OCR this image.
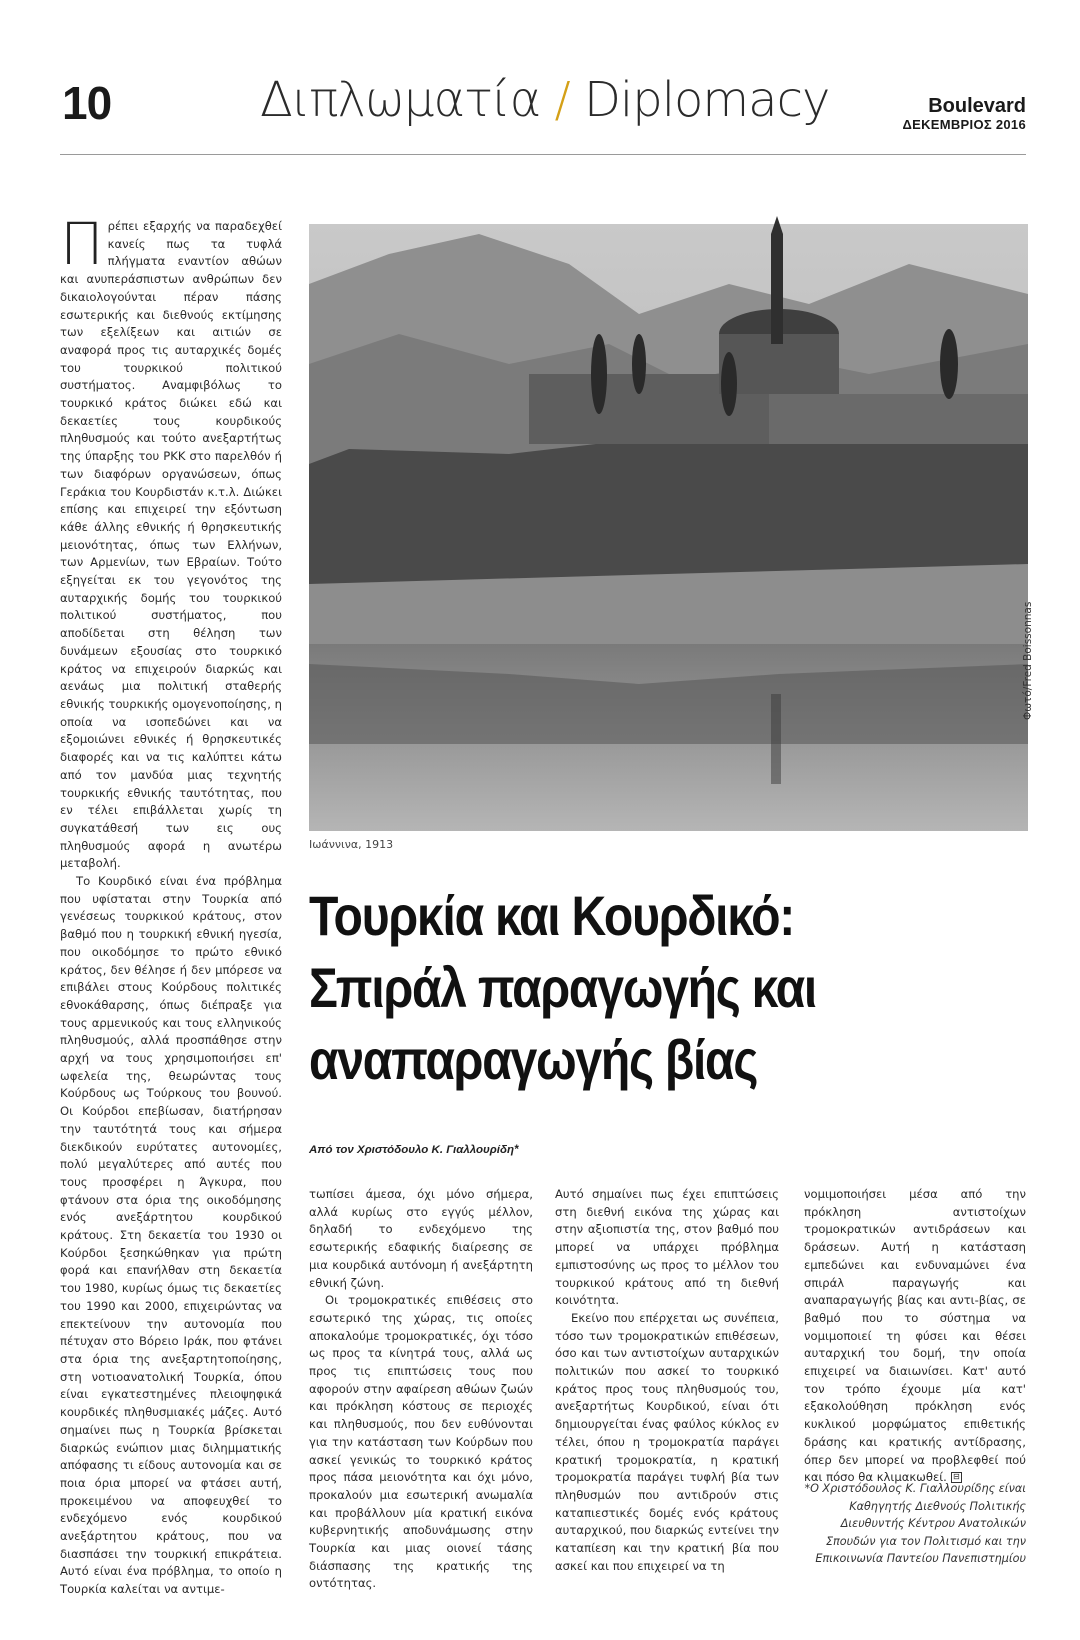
10	Διπλωματία / Diplomacy	Boulevard
ΔΕΚΕΜΒΡΙΟΣ 2016

Πρέπει εξαρχής να παραδεχθεί κανείς πως τα τυφλά πλήγματα εναντίον αθώων και ανυπεράσπιστων ανθρώπων δεν δικαιολογούνται πέραν πάσης εσωτερικής και διεθνούς εκτίμησης των εξελίξεων και αιτιών σε αναφορά προς τις αυταρχικές δομές του τουρκικού πολιτικού συστήματος. Αναμφιβόλως το τουρκικό κράτος διώκει εδώ και δεκαετίες τους κουρδικούς πληθυσμούς και τούτο ανεξαρτήτως της ύπαρξης του ΡΚΚ στο παρελθόν ή των διαφόρων οργανώσεων, όπως Γεράκια του Κουρδιστάν κ.τ.λ. Διώκει επίσης και επιχειρεί την εξόντωση κάθε άλλης εθνικής ή θρησκευτικής μειονότητας, όπως των Ελλήνων, των Αρμενίων, των Εβραίων. Τούτο εξηγείται εκ του γεγονότος της αυταρχικής δομής του τουρκικού πολιτικού συστήματος, που αποδίδεται στη θέληση των δυνάμεων εξουσίας στο τουρκικό κράτος να επιχειρούν διαρκώς και αενάως μια πολιτική σταθερής εθνικής τουρκικής ομογενοποίησης, η οποία να ισοπεδώνει και να εξομοιώνει εθνικές ή θρησκευτικές διαφορές και να τις καλύπτει κάτω από τον μανδύα μιας τεχνητής τουρκικής εθνικής ταυτότητας, που εν τέλει επιβάλλεται χωρίς τη συγκατάθεσή των εις ους πληθυσμούς αφορά η ανωτέρω μεταβολή.

Το Κουρδικό είναι ένα πρόβλημα που υφίσταται στην Τουρκία από γενέσεως τουρκικού κράτους, στον βαθμό που η τουρκική εθνική ηγεσία, που οικοδόμησε το πρώτο εθνικό κράτος, δεν θέλησε ή δεν μπόρεσε να επιβάλει στους Κούρδους πολιτικές εθνοκάθαρσης, όπως διέπραξε για τους αρμενικούς και τους ελληνικούς πληθυσμούς, αλλά προσπάθησε στην αρχή να τους χρησιμοποιήσει επ' ωφελεία της, θεωρώντας τους Κούρδους ως Τούρκους του βουνού. Οι Κούρδοι επεβίωσαν, διατήρησαν την ταυτότητά τους και σήμερα διεκδικούν ευρύτατες αυτονομίες, πολύ μεγαλύτερες από αυτές που τους προσφέρει η Άγκυρα, που φτάνουν στα όρια της οικοδόμησης ενός ανεξάρτητου κουρδικού κράτους. Στη δεκαετία του 1930 οι Κούρδοι ξεσηκώθηκαν για πρώτη φορά και επανήλθαν στη δεκαετία του 1980, κυρίως όμως τις δεκαετίες του 1990 και 2000, επιχειρώντας να επεκτείνουν την αυτονομία που πέτυχαν στο Βόρειο Ιράκ, που φτάνει στα όρια της ανεξαρτητοποίησης, στη νοτιοανατολική Τουρκία, όπου είναι εγκατεστημένες πλειοψηφικά κουρδικές πληθυσμιακές μάζες. Αυτό σημαίνει πως η Τουρκία βρίσκεται διαρκώς ενώπιον μιας διλημματικής απόφασης τι είδους αυτονομία και σε ποια όρια μπορεί να φτάσει αυτή, προκειμένου να αποφευχθεί το ενδεχόμενο ενός κουρδικού ανεξάρτητου κράτους, που να διασπάσει την τουρκική επικράτεια. Αυτό είναι ένα πρόβλημα, το οποίο η Τουρκία καλείται να αντιμε-

Φωτό/Fred Boissonnas
Ιωάννινα, 1913
Τουρκία και Κουρδικό:
Σπιράλ παραγωγής και
αναπαραγωγής βίας
Από τον Χριστόδουλο Κ. Γιαλλουρίδη*

τωπίσει άμεσα, όχι μόνο σήμερα, αλλά κυρίως στο εγγύς μέλλον, δηλαδή το ενδεχόμενο της εσωτερικής εδαφικής διαίρεσης σε μια κουρδικά αυτόνομη ή ανεξάρτητη εθνική ζώνη.

Οι τρομοκρατικές επιθέσεις στο εσωτερικό της χώρας, τις οποίες αποκαλούμε τρομοκρατικές, όχι τόσο ως προς τα κίνητρά τους, αλλά ως προς τις επιπτώσεις τους που αφορούν στην αφαίρεση αθώων ζωών και πρόκληση κόστους σε περιοχές και πληθυσμούς, που δεν ευθύνονται για την κατάσταση των Κούρδων που ασκεί γενικώς το τουρκικό κράτος προς πάσα μειονότητα και όχι μόνο, προκαλούν μια εσωτερική ανωμαλία και προβάλλουν μία κρατική εικόνα κυβερνητικής αποδυνάμωσης στην Τουρκία και μιας οιονεί τάσης διάσπασης της κρατικής της οντότητας.

Αυτό σημαίνει πως έχει επιπτώσεις στη διεθνή εικόνα της χώρας και στην αξιοπιστία της, στον βαθμό που μπορεί να υπάρχει πρόβλημα εμπιστοσύνης ως προς το μέλλον του τουρκικού κράτους από τη διεθνή κοινότητα.

Εκείνο που επέρχεται ως συνέπεια, τόσο των τρομοκρατικών επιθέσεων, όσο και των αντιστοίχων αυταρχικών πολιτικών που ασκεί το τουρκικό κράτος προς τους πληθυσμούς του, ανεξαρτήτως Κουρδικού, είναι ότι δημιουργείται ένας φαύλος κύκλος εν τέλει, όπου η τρομοκρατία παράγει κρατική τρομοκρατία, η κρατική τρομοκρατία παράγει τυφλή βία των πληθυσμών που αντιδρούν στις καταπιεστικές δομές ενός κράτους αυταρχικού, που διαρκώς εντείνει την καταπίεση και την κρατική βία που ασκεί και που επιχειρεί να τη

νομιμοποιήσει μέσα από την πρόκληση αντιστοίχων τρομοκρατικών αντιδράσεων και δράσεων. Αυτή η κατάσταση εμπεδώνει και ενδυναμώνει ένα σπιράλ παραγωγής και αναπαραγωγής βίας και αντι-βίας, σε βαθμό που το σύστημα να νομιμοποιεί τη φύσει και θέσει αυταρχική του δομή, την οποία επιχειρεί να διαιωνίσει. Κατ' αυτό τον τρόπο έχουμε μία κατ' εξακολούθηση πρόκληση ενός κυκλικού μορφώματος επιθετικής δράσης και κρατικής αντίδρασης, όπερ δεν μπορεί να προβλεφθεί πού και πόσο θα κλιμακωθεί. ⊟

*Ο Χριστόδουλος Κ. Γιαλλουρίδης είναι Καθηγητής Διεθνούς Πολιτικής Διευθυντής Κέντρου Ανατολικών Σπουδών για τον Πολιτισμό και την Επικοινωνία Παντείου Πανεπιστημίου
